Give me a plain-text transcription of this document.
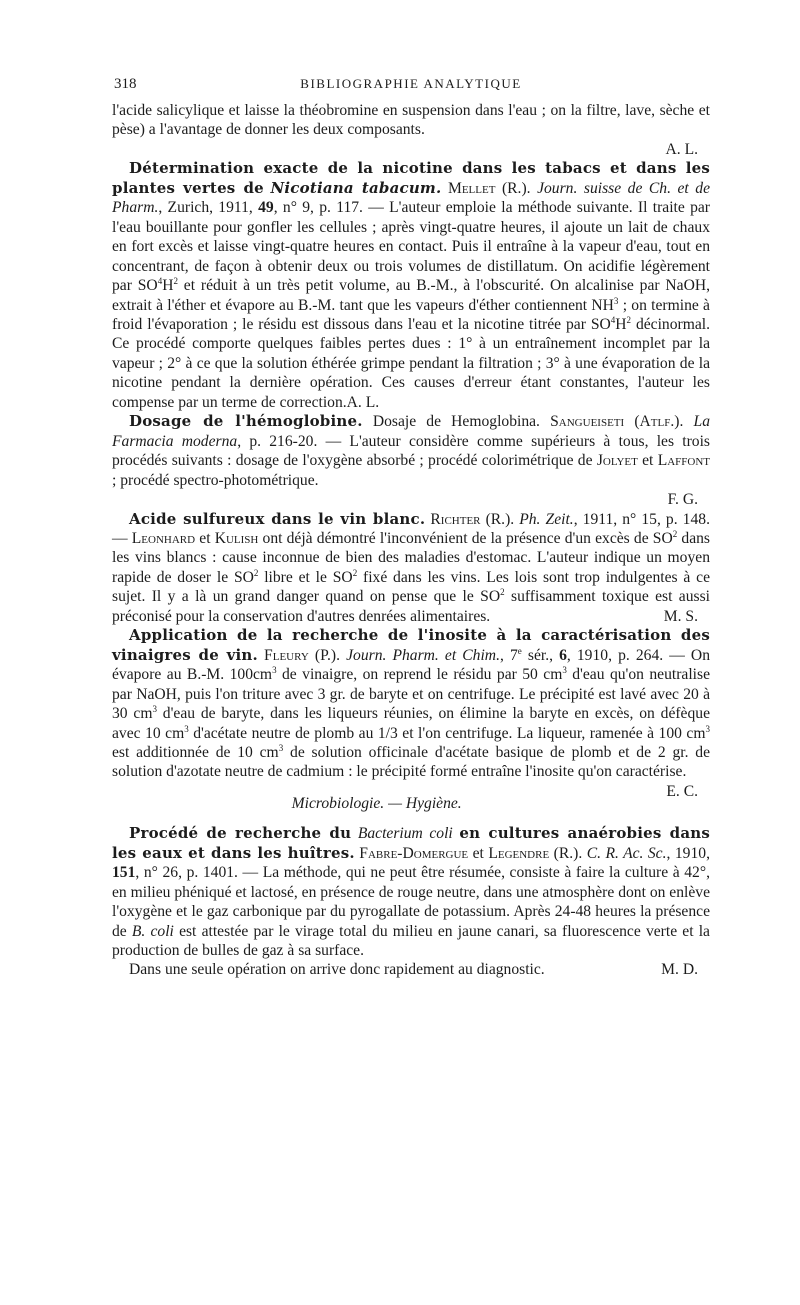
318	BIBLIOGRAPHIE ANALYTIQUE

l'acide salicylique et laisse la théobromine en suspension dans l'eau ; on la filtre, lave, sèche et pèse) a l'avantage de donner les deux composants.

A. L.

Détermination exacte de la nicotine dans les tabacs et dans les plantes vertes de Nicotiana tabacum. Mellet (R.). Journ. suisse de Ch. et de Pharm., Zurich, 1911, 49, n° 9, p. 117. — L'auteur emploie la méthode suivante. Il traite par l'eau bouillante pour gonfler les cellules ; après vingt-quatre heures, il ajoute un lait de chaux en fort excès et laisse vingt-quatre heures en contact. Puis il entraîne à la vapeur d'eau, tout en concentrant, de façon à obtenir deux ou trois volumes de distillatum. On acidifie légèrement par $SO^4H^2$ et réduit à un très petit volume, au B.-M., à l'obscurité. On alcalinise par NaOH, extrait à l'éther et évapore au B.-M. tant que les vapeurs d'éther contiennent $NH^3$ ; on termine à froid l'évaporation ; le résidu est dissous dans l'eau et la nicotine titrée par $SO^4H^2$ décinormal. Ce procédé comporte quelques faibles pertes dues : 1° à un entraînement incomplet par la vapeur ; 2° à ce que la solution éthérée grimpe pendant la filtration ; 3° à une évaporation de la nicotine pendant la dernière opération. Ces causes d'erreur étant constantes, l'auteur les compense par un terme de correction.A. L.

Dosage de l'hémoglobine. Dosaje de Hemoglobina. Sangueiseti (Atlf.). La Farmacia moderna, p. 216-20. — L'auteur considère comme supérieurs à tous, les trois procédés suivants : dosage de l'oxygène absorbé ; procédé colorimétrique de Jolyet et Laffont ; procédé spectro-photométrique.

F. G.

Acide sulfureux dans le vin blanc. Richter (R.). Ph. Zeit., 1911, n° 15, p. 148. — Leonhard et Kulish ont déjà démontré l'inconvénient de la présence d'un excès de $SO^2$ dans les vins blancs : cause inconnue de bien des maladies d'estomac. L'auteur indique un moyen rapide de doser le $SO^2$ libre et le $SO^2$ fixé dans les vins. Les lois sont trop indulgentes à ce sujet. Il y a là un grand danger quand on pense que le $SO^2$ suffisamment toxique est aussi préconisé pour la conservation d'autres denrées alimentaires.	M. S.

Application de la recherche de l'inosite à la caractérisation des vinaigres de vin. Fleury (P.). Journ. Pharm. et Chim., 7e sér., 6, 1910, p. 264. — On évapore au B.-M. $100cm^3$ de vinaigre, on reprend le résidu par 50 $cm^3$ d'eau qu'on neutralise par NaOH, puis l'on triture avec 3 gr. de baryte et on centrifuge. Le précipité est lavé avec 20 à 30 $cm^3$ d'eau de baryte, dans les liqueurs réunies, on élimine la baryte en excès, on défèque avec 10 $cm^3$ d'acétate neutre de plomb au 1/3 et l'on centrifuge. La liqueur, ramenée à 100 $cm^3$ est additionnée de 10 $cm^3$ de solution officinale d'acétate basique de plomb et de 2 gr. de solution d'azotate neutre de cadmium : le précipité formé entraîne l'inosite qu'on caractérise.
E. C.

Microbiologie. — Hygiène.

Procédé de recherche du Bacterium coli en cultures anaérobies dans les eaux et dans les huîtres. Fabre-Domergue et Legendre (R.). C. R. Ac. Sc., 1910, 151, n° 26, p. 1401. — La méthode, qui ne peut être résumée, consiste à faire la culture à 42°, en milieu phéniqué et lactosé, en présence de rouge neutre, dans une atmosphère dont on enlève l'oxygène et le gaz carbonique par du pyrogallate de potassium. Après 24-48 heures la présence de B. coli est attestée par le virage total du milieu en jaune canari, sa fluorescence verte et la production de bulles de gaz à sa surface.

Dans une seule opération on arrive donc rapidement au diagnostic.	M. D.
